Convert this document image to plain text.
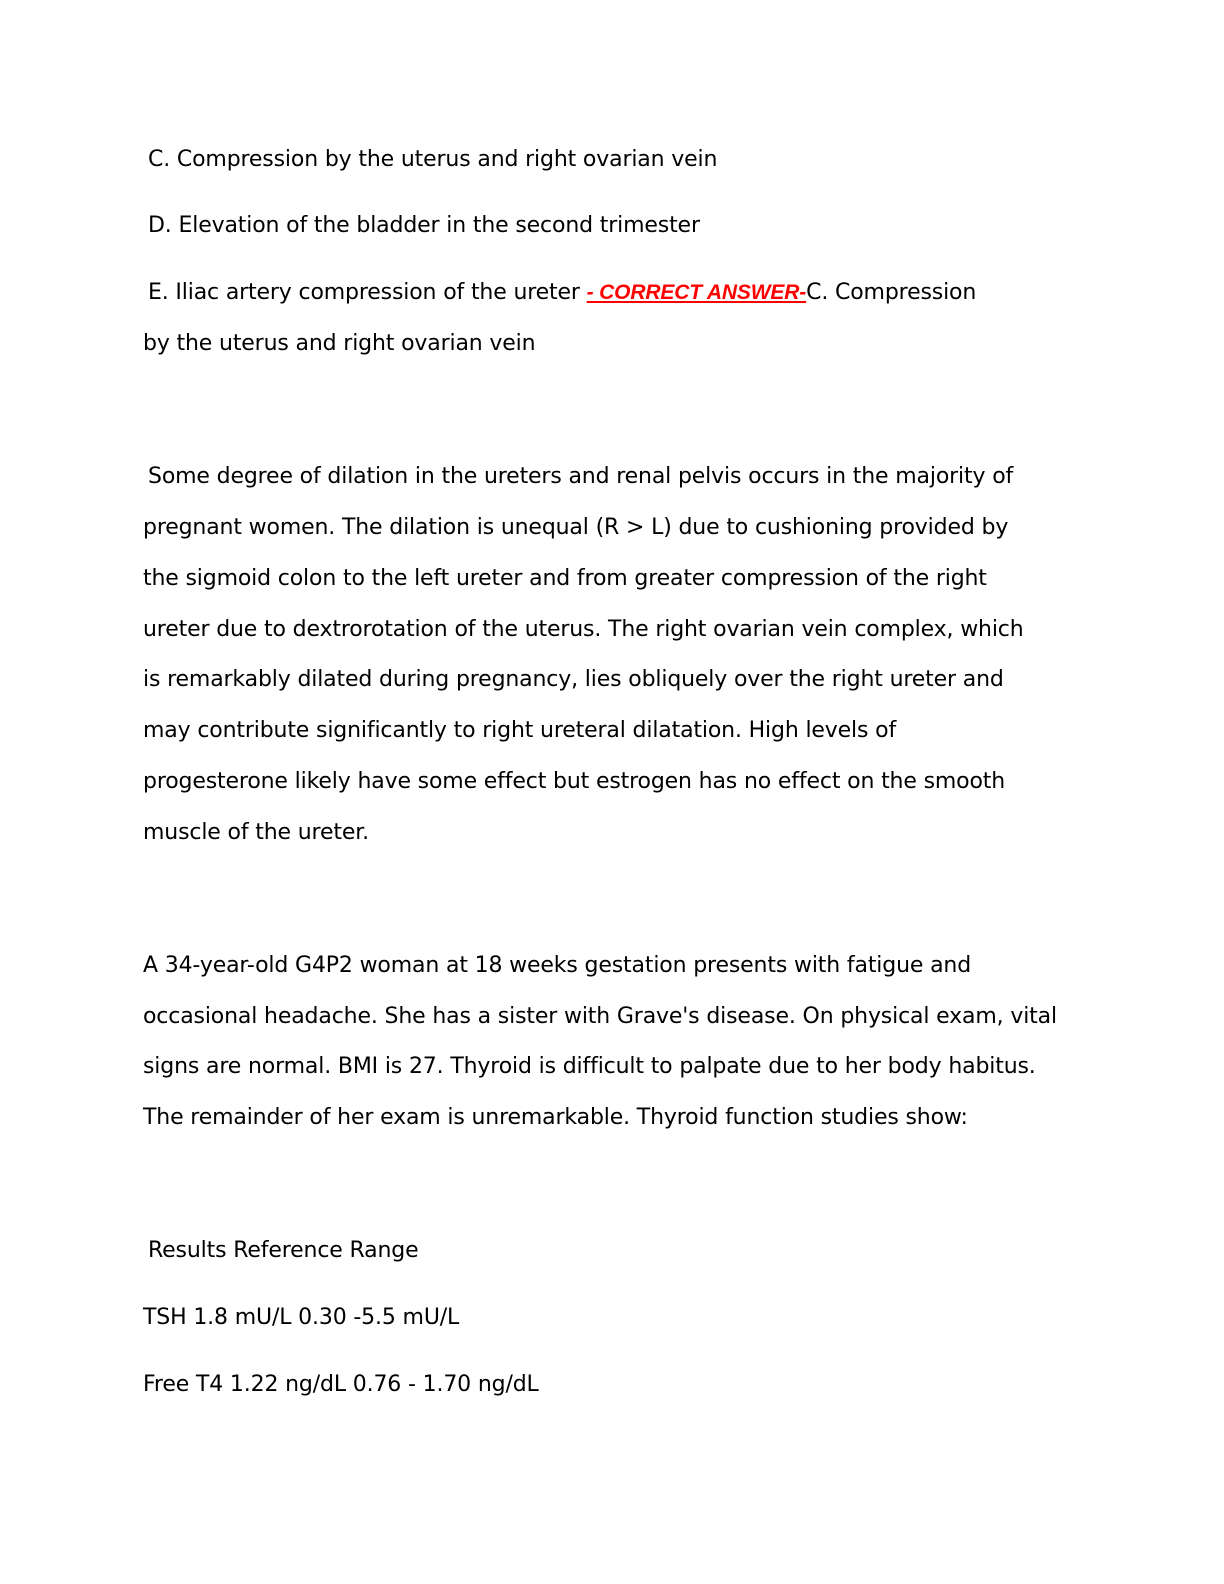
C. Compression by the uterus and right ovarian vein
D. Elevation of the bladder in the second trimester
E. Iliac artery compression of the ureter - CORRECT ANSWER-C. Compression
by the uterus and right ovarian vein
Some degree of dilation in the ureters and renal pelvis occurs in the majority of
pregnant women. The dilation is unequal (R > L) due to cushioning provided by
the sigmoid colon to the left ureter and from greater compression of the right
ureter due to dextrorotation of the uterus. The right ovarian vein complex, which
is remarkably dilated during pregnancy, lies obliquely over the right ureter and
may contribute significantly to right ureteral dilatation. High levels of
progesterone likely have some effect but estrogen has no effect on the smooth
muscle of the ureter.
A 34-year-old G4P2 woman at 18 weeks gestation presents with fatigue and
occasional headache. She has a sister with Grave's disease. On physical exam, vital
signs are normal. BMI is 27. Thyroid is difficult to palpate due to her body habitus.
The remainder of her exam is unremarkable. Thyroid function studies show:
Results Reference Range
TSH 1.8 mU/L 0.30 -5.5 mU/L
Free T4 1.22 ng/dL 0.76 - 1.70 ng/dL
